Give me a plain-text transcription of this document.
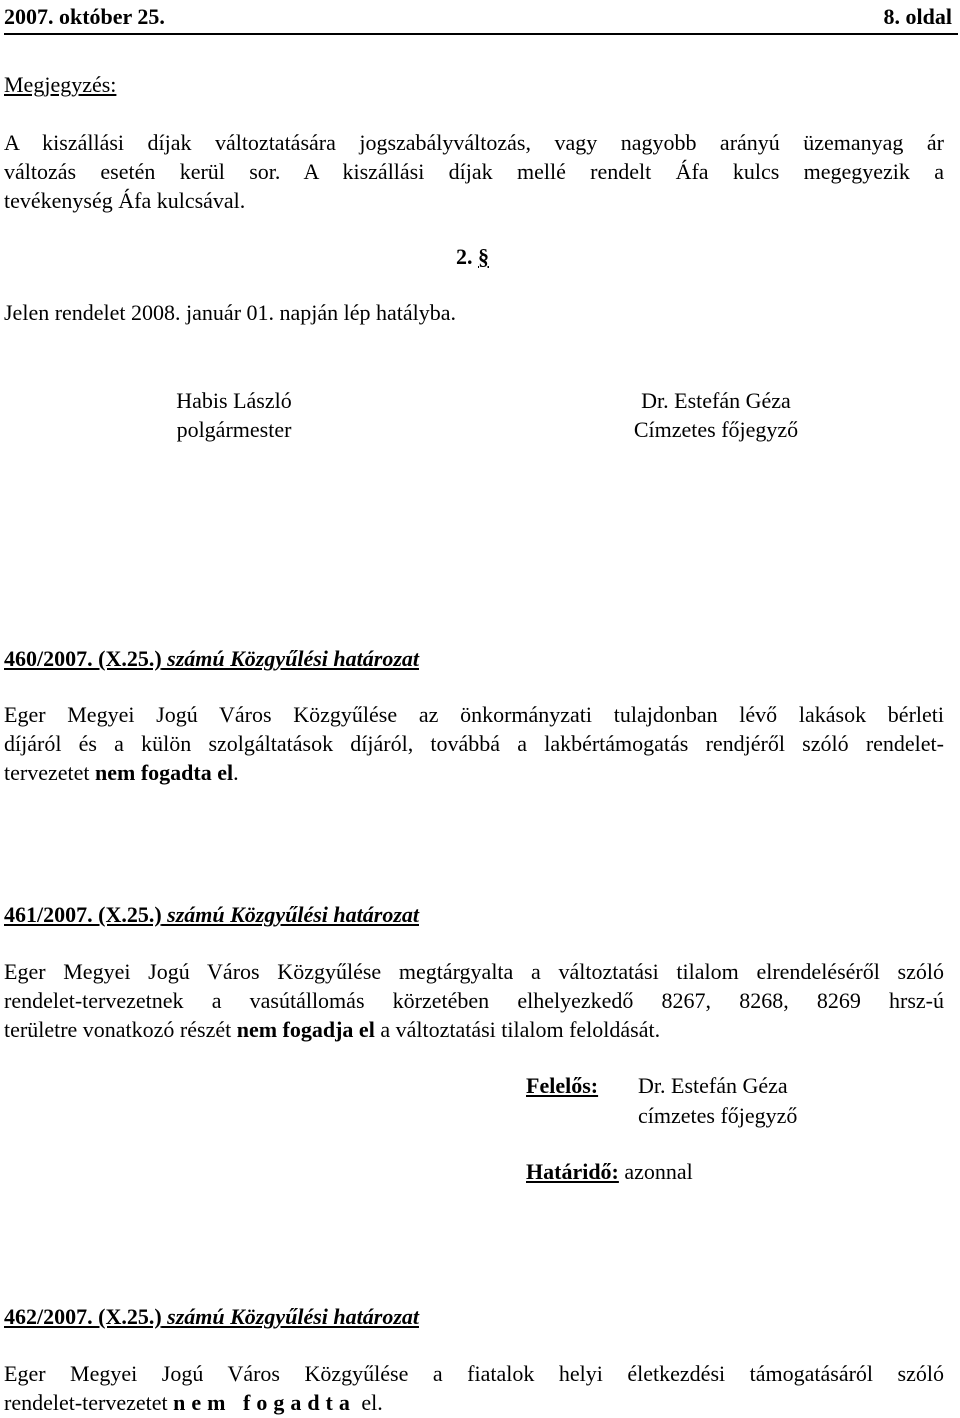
2007. október 25.	8. oldal
Megjegyzés:
A kiszállási díjak változtatására jogszabályváltozás, vagy nagyobb arányú üzemanyag ár
változás esetén kerül sor. A kiszállási díjak mellé rendelt Áfa kulcs megegyezik a
tevékenység Áfa kulcsával.
2. §
Jelen rendelet 2008. január 01. napján lép hatályba.
Habis László
polgármester
Dr. Estefán Géza
Címzetes főjegyző
460/2007. (X.25.) számú Közgyűlési határozat
Eger Megyei Jogú Város Közgyűlése az önkormányzati tulajdonban lévő lakások bérleti
díjáról és a külön szolgáltatások díjáról, továbbá a lakbértámogatás rendjéről szóló rendelet-
tervezetet nem fogadta el.
461/2007. (X.25.) számú Közgyűlési határozat
Eger Megyei Jogú Város Közgyűlése megtárgyalta a változtatási tilalom elrendeléséről szóló
rendelet-tervezetnek a vasútállomás körzetében elhelyezkedő 8267, 8268, 8269 hrsz-ú
területre vonatkozó részét nem fogadja el a változtatási tilalom feloldását.
Felelős: Dr. Estefán Géza
címzetes főjegyző
Határidő: azonnal
462/2007. (X.25.) számú Közgyűlési határozat
Eger Megyei Jogú Város Közgyűlése a fiatalok helyi életkezdési támogatásáról szóló
rendelet-tervezetet nem fogadta el.
